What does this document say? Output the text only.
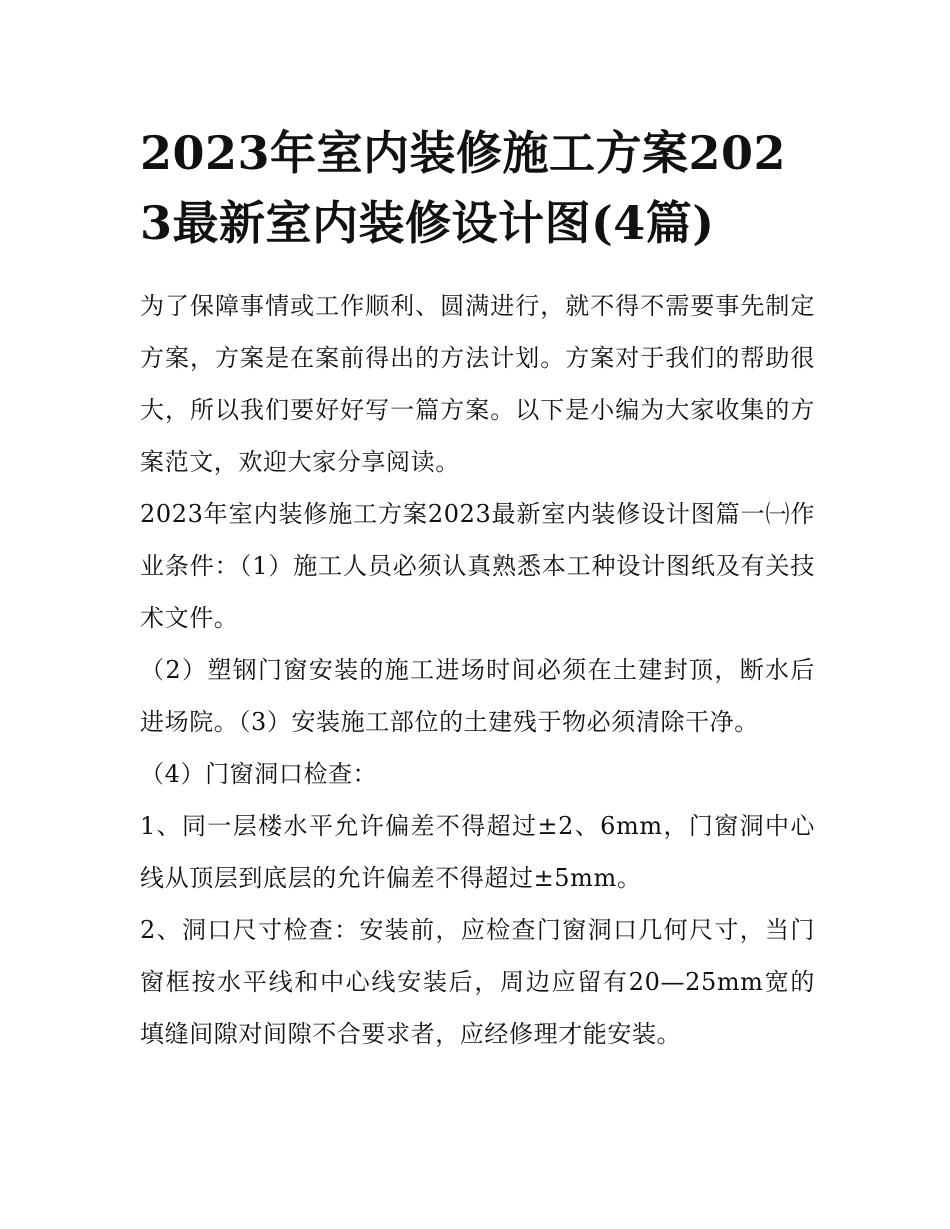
2023年室内装修施工方案2023最新室内装修设计图(4篇)

为了保障事情或工作顺利、圆满进行，就不得不需要事先制定方案，方案是在案前得出的方法计划。方案对于我们的帮助很大，所以我们要好好写一篇方案。以下是小编为大家收集的方案范文，欢迎大家分享阅读。

2023年室内装修施工方案2023最新室内装修设计图篇一㈠作业条件：（1）施工人员必须认真熟悉本工种设计图纸及有关技术文件。

（2）塑钢门窗安装的施工进场时间必须在土建封顶，断水后进场院。（3）安装施工部位的土建残于物必须清除干净。

（4）门窗洞口检查：

1、同一层楼水平允许偏差不得超过±2、6mm，门窗洞中心线从顶层到底层的允许偏差不得超过±5mm。

2、洞口尺寸检查：安装前，应检查门窗洞口几何尺寸，当门窗框按水平线和中心线安装后，周边应留有20—25mm宽的填缝间隙对间隙不合要求者，应经修理才能安装。
